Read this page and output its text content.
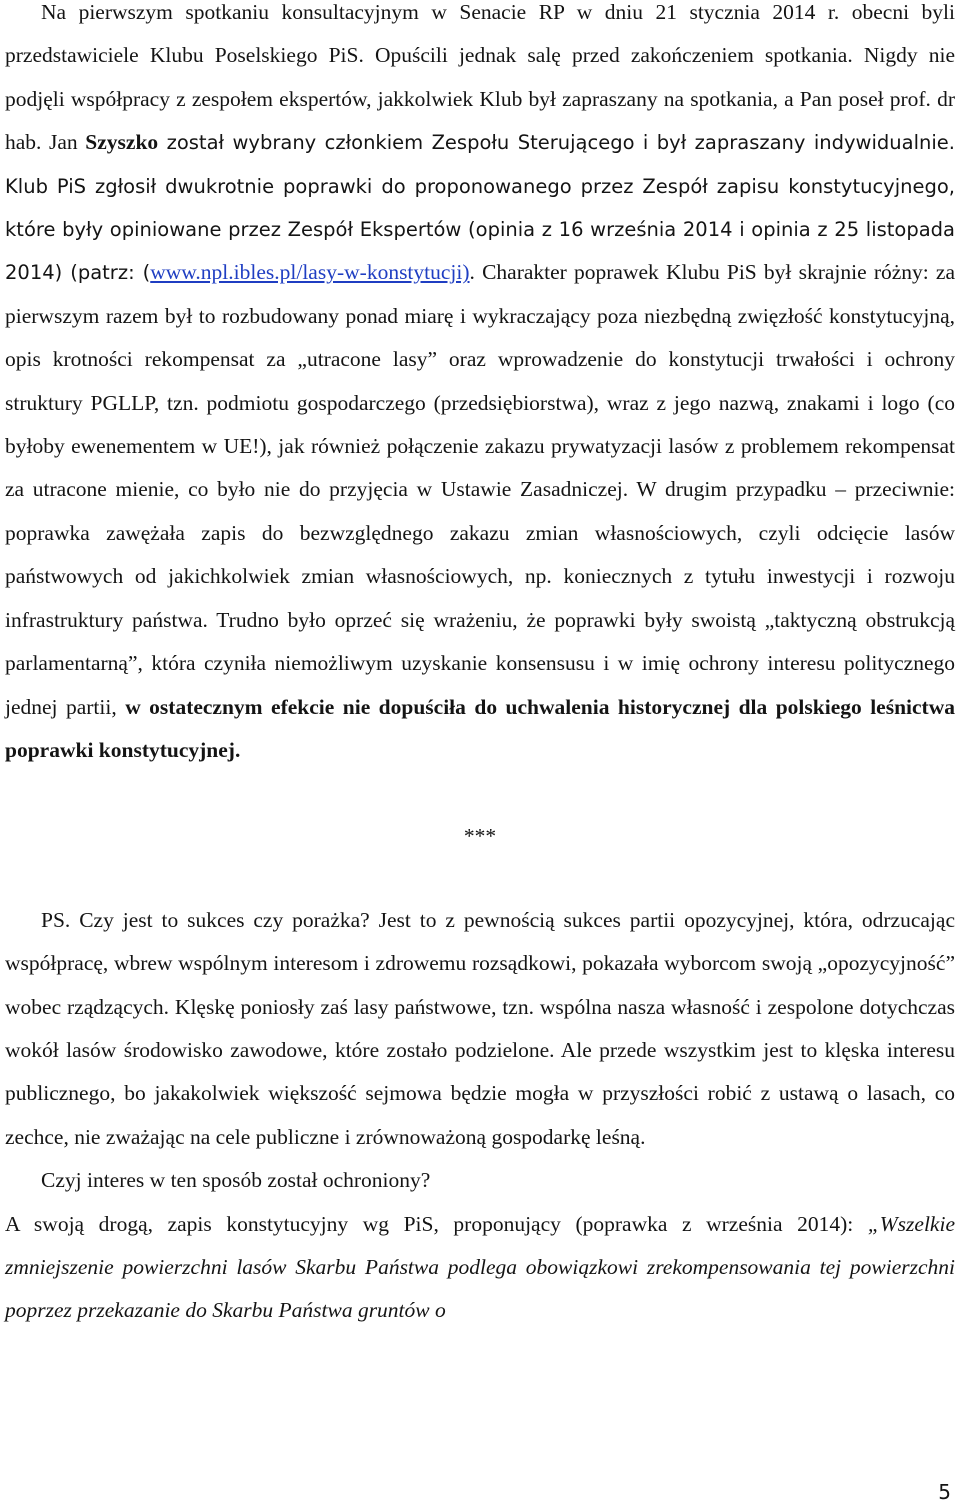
Na pierwszym spotkaniu konsultacyjnym w Senacie RP w dniu 21 stycznia 2014 r. obecni byli przedstawiciele Klubu Poselskiego PiS. Opuścili jednak salę przed zakończeniem spotkania. Nigdy nie podjęli współpracy z zespołem ekspertów, jakkolwiek Klub był zapraszany na spotkania, a Pan poseł prof. dr hab. Jan Szyszko został wybrany członkiem Zespołu Sterującego i był zapraszany indywidualnie. Klub PiS zgłosił dwukrotnie poprawki do proponowanego przez Zespół zapisu konstytucyjnego, które były opiniowane przez Zespół Ekspertów (opinia z 16 września 2014 i opinia z 25 listopada 2014) (patrz: (www.npl.ibles.pl/lasy-w-konstytucji). Charakter poprawek Klubu PiS był skrajnie różny: za pierwszym razem był to rozbudowany ponad miarę i wykraczający poza niezbędną zwięzłość konstytucyjną, opis krotności rekompensat za „utracone lasy” oraz wprowadzenie do konstytucji trwałości i ochrony struktury PGLLP, tzn. podmiotu gospodarczego (przedsiębiorstwa), wraz z jego nazwą, znakami i logo (co byłoby ewenementem w UE!), jak również połączenie zakazu prywatyzacji lasów z problemem rekompensat za utracone mienie, co było nie do przyjęcia w Ustawie Zasadniczej. W drugim przypadku – przeciwnie: poprawka zawężała zapis do bezwzględnego zakazu zmian własnościowych, czyli odcięcie lasów państwowych od jakichkolwiek zmian własnościowych, np. koniecznych z tytułu inwestycji i rozwoju infrastruktury państwa. Trudno było oprzeć się wrażeniu, że poprawki były swoistą „taktyczną obstrukcją parlamentarną”, która czyniła niemożliwym uzyskanie konsensusu i w imię ochrony interesu politycznego jednej partii, w ostatecznym efekcie nie dopuściła do uchwalenia historycznej dla polskiego leśnictwa poprawki konstytucyjnej.

***

PS. Czy jest to sukces czy porażka? Jest to z pewnością sukces partii opozycyjnej, która, odrzucając współpracę, wbrew wspólnym interesom i zdrowemu rozsądkowi, pokazała wyborcom swoją „opozycyjność” wobec rządzących. Klęskę poniosły zaś lasy państwowe, tzn. wspólna nasza własność i zespolone dotychczas wokół lasów środowisko zawodowe, które zostało podzielone. Ale przede wszystkim jest to klęska interesu publicznego, bo jakakolwiek większość sejmowa będzie mogła w przyszłości robić z ustawą o lasach, co zechce, nie zważając na cele publiczne i zrównoważoną gospodarkę leśną.

Czyj interes w ten sposób został ochroniony?

A swoją drogą, zapis konstytucyjny wg PiS, proponujący (poprawka z września 2014): „Wszelkie zmniejszenie powierzchni lasów Skarbu Państwa podlega obowiązkowi zrekompensowania tej powierzchni poprzez przekazanie do Skarbu Państwa gruntów o

5
